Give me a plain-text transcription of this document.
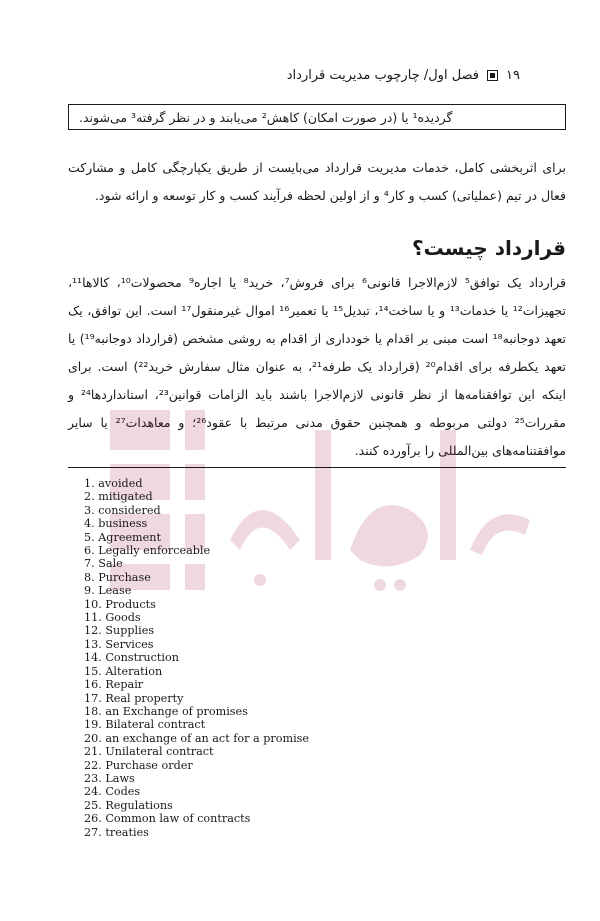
فصل اول/ چارچوب مدیریت قرارداد ۱۹
گردیده¹ یا (در صورت امکان) کاهش² می‌یابند و در نظر گرفته³ می‌شوند.

برای اثربخشی کامل، خدمات مدیریت قرارداد می‌بایست از طریق یکپارچگی کامل و مشارکت فعال در تیم (عملیاتی) کسب و کار⁴ و از اولین لحظه فرآیند کسب و کار توسعه و ارائه شود.

قرارداد چیست؟

قرارداد یک توافق⁵ لازم‌الاجرا قانونی⁶ برای فروش⁷، خرید⁸ یا اجاره⁹ محصولات¹⁰، کالاها¹¹، تجهیزات¹² یا خدمات¹³ و یا ساخت¹⁴، تبدیل¹⁵ یا تعمیر¹⁶ اموال غیرمنقول¹⁷ است. این توافق، یک تعهد دوجانبه¹⁸ است مبنی بر اقدام یا خودداری از اقدام به روشی مشخص (قرارداد دوجانبه¹⁹) یا تعهد یکطرفه برای اقدام²⁰ (قرارداد یک طرفه²¹، به عنوان مثال سفارش خرید²²) است. برای اینکه این توافقنامه‌ها از نظر قانونی لازم‌الاجرا باشند باید الزامات قوانین²³، استانداردها²⁴ و مقررات²⁵ دولتی مربوطه و همچنین حقوق مدنی مرتبط با عقود²⁶؛ و معاهدات²⁷ یا سایر موافقتنامه‌های بین‌المللی را برآورده کنند.

1. avoided
2. mitigated
3. considered
4. business
5. Agreement
6. Legally enforceable
7. Sale
8. Purchase
9. Lease
10. Products
11. Goods
12. Supplies
13. Services
14. Construction
15. Alteration
16. Repair
17. Real property
18. an Exchange of promises
19. Bilateral contract
20. an exchange of an act for a promise
21. Unilateral contract
22. Purchase order
23. Laws
24. Codes
25. Regulations
26. Common law of contracts
27. treaties
